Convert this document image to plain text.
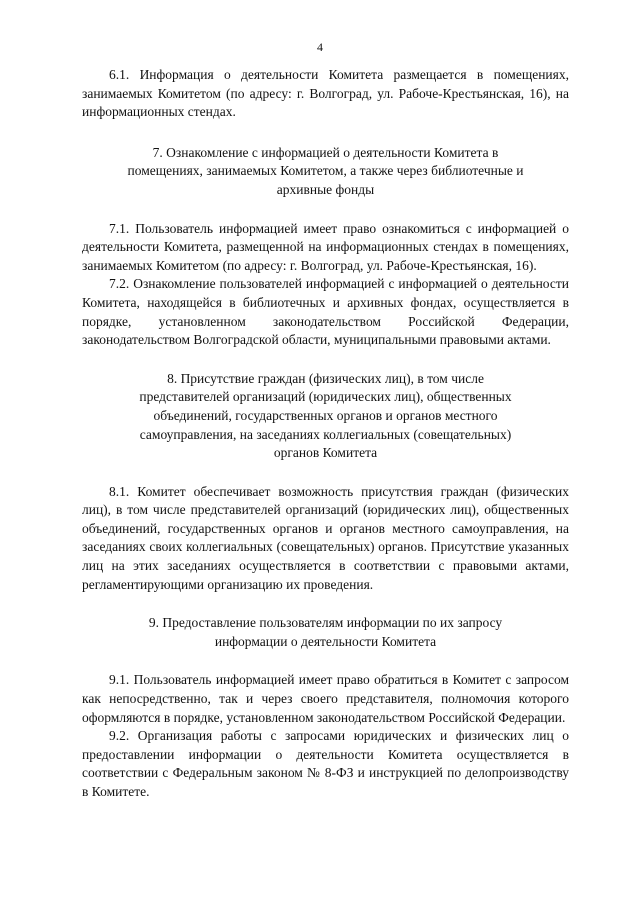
4

6.1. Информация о деятельности Комитета размещается в помещениях, занимаемых Комитетом (по адресу: г. Волгоград, ул. Рабоче-Крестьянская, 16), на информационных стендах.

7. Ознакомление с информацией о деятельности Комитета в помещениях, занимаемых Комитетом, а также через библиотечные и архивные фонды

7.1. Пользователь информацией имеет право ознакомиться с информацией о деятельности Комитета, размещенной на информационных стендах в помещениях, занимаемых Комитетом (по адресу: г. Волгоград, ул. Рабоче-Крестьянская, 16).

7.2. Ознакомление пользователей информацией с информацией о деятельности Комитета, находящейся в библиотечных и архивных фондах, осуществляется в порядке, установленном законодательством Российской Федерации, законодательством Волгоградской области, муниципальными правовыми актами.

8. Присутствие граждан (физических лиц), в том числе представителей организаций (юридических лиц), общественных объединений, государственных органов и органов местного самоуправления, на заседаниях коллегиальных (совещательных) органов Комитета

8.1. Комитет обеспечивает возможность присутствия граждан (физических лиц), в том числе представителей организаций (юридических лиц), общественных объединений, государственных органов и органов местного самоуправления, на заседаниях своих коллегиальных (совещательных) органов. Присутствие указанных лиц на этих заседаниях осуществляется в соответствии с правовыми актами, регламентирующими организацию их проведения.

9. Предоставление пользователям информации по их запросу информации о деятельности Комитета

9.1. Пользователь информацией имеет право обратиться в Комитет с запросом как непосредственно, так и через своего представителя, полномочия которого оформляются в порядке, установленном законодательством Российской Федерации.

9.2. Организация работы с запросами юридических и физических лиц о предоставлении информации о деятельности Комитета осуществляется в соответствии с Федеральным законом № 8-ФЗ и инструкцией по делопроизводству в Комитете.
